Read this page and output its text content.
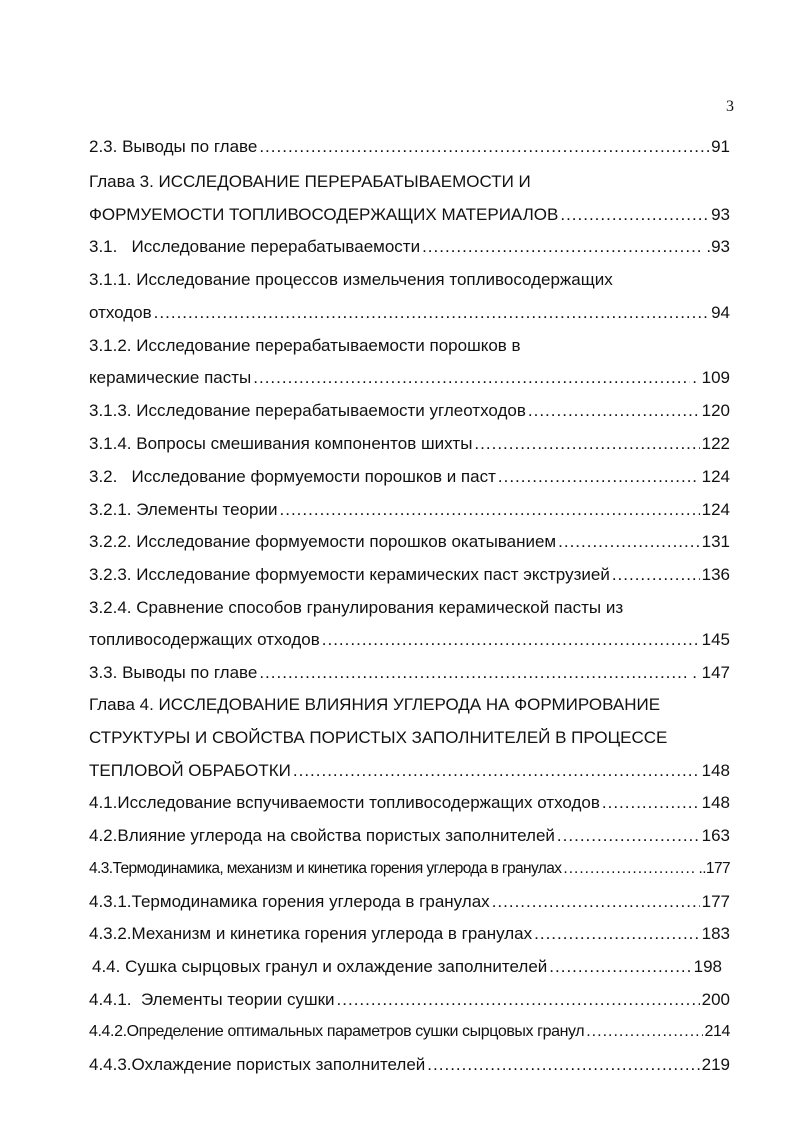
3
2.3. Выводы по главе .....	91
Глава 3. ИССЛЕДОВАНИЕ ПЕРЕРАБАТЫВАЕМОСТИ И
ФОРМУЕМОСТИ ТОПЛИВОСОДЕРЖАЩИХ МАТЕРИАЛОВ .....	93
3.1. Исследование перерабатываемости .....	.93
3.1.1. Исследование процессов измельчения топливосодержащих
отходов .....	94
3.1.2. Исследование перерабатываемости порошков в
керамические пасты .....	. 109
3.1.3. Исследование перерабатываемости углеотходов .....	120
3.1.4. Вопросы смешивания компонентов шихты .....	122
3.2. Исследование формуемости порошков и паст .....	. 124
3.2.1. Элементы теории .....	124
3.2.2. Исследование формуемости порошков окатыванием .....	131
3.2.3. Исследование формуемости керамических паст экструзией .....	136
3.2.4. Сравнение способов гранулирования керамической пасты из
топливосодержащих отходов .....	145
3.3. Выводы по главе .....	. 147
Глава 4. ИССЛЕДОВАНИЕ ВЛИЯНИЯ УГЛЕРОДА НА ФОРМИРОВАНИЕ
СТРУКТУРЫ И СВОЙСТВА ПОРИСТЫХ ЗАПОЛНИТЕЛЕЙ В ПРОЦЕССЕ
ТЕПЛОВОЙ ОБРАБОТКИ .....	148
4.1. Исследование вспучиваемости топливосодержащих отходов .....	148
4.2. Влияние углерода на свойства пористых заполнителей .....	163
4.3. Термодинамика, механизм и кинетика горения углерода в гранулах .....	..177
4.3.1. Термодинамика горения углерода в гранулах .....	177
4.3.2. Механизм и кинетика горения углерода в гранулах .....	183
4.4. Сушка сырцовых гранул и охлаждение заполнителей .....	198
4.4.1. Элементы теории сушки .....	200
4.4.2. Определение оптимальных параметров сушки сырцовых гранул .....	214
4.4.3. Охлаждение пористых заполнителей .....	219
